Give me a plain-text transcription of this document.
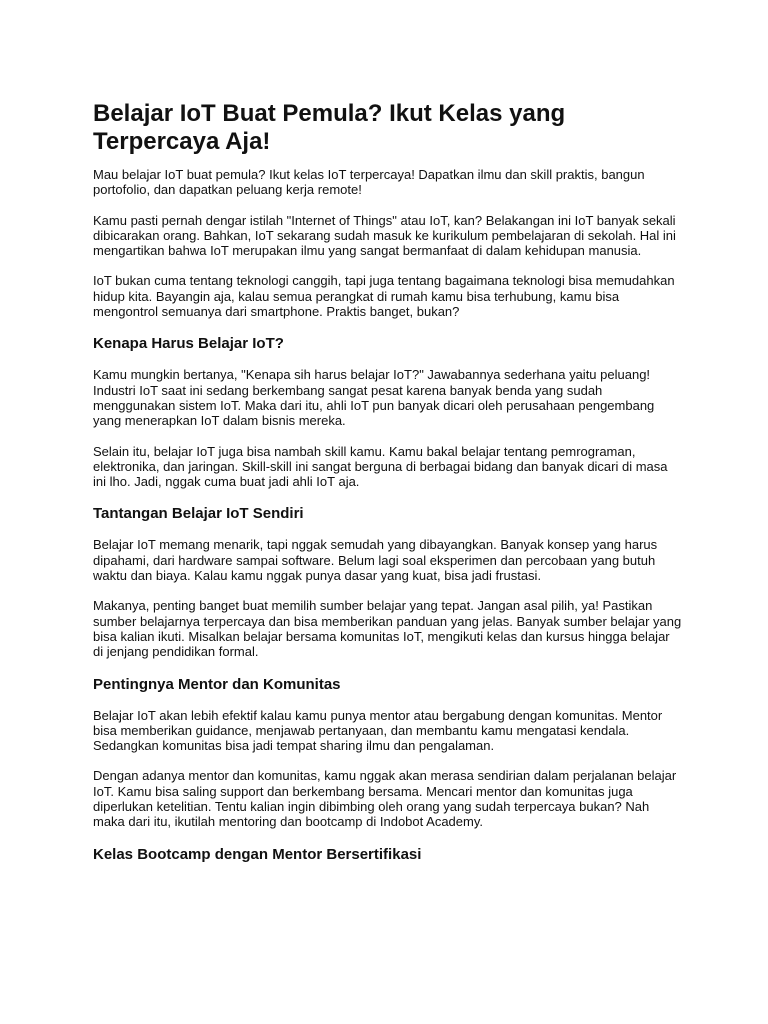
Belajar IoT Buat Pemula? Ikut Kelas yang Terpercaya Aja!

Mau belajar IoT buat pemula? Ikut kelas IoT terpercaya! Dapatkan ilmu dan skill praktis, bangun portofolio, dan dapatkan peluang kerja remote!

Kamu pasti pernah dengar istilah "Internet of Things" atau IoT, kan? Belakangan ini IoT banyak sekali dibicarakan orang. Bahkan, IoT sekarang sudah masuk ke kurikulum pembelajaran di sekolah. Hal ini mengartikan bahwa IoT merupakan ilmu yang sangat bermanfaat di dalam kehidupan manusia.

IoT bukan cuma tentang teknologi canggih, tapi juga tentang bagaimana teknologi bisa memudahkan hidup kita. Bayangin aja, kalau semua perangkat di rumah kamu bisa terhubung, kamu bisa mengontrol semuanya dari smartphone. Praktis banget, bukan?

Kenapa Harus Belajar IoT?

Kamu mungkin bertanya, "Kenapa sih harus belajar IoT?" Jawabannya sederhana yaitu peluang! Industri IoT saat ini sedang berkembang sangat pesat karena banyak benda yang sudah menggunakan sistem IoT. Maka dari itu, ahli IoT pun banyak dicari oleh perusahaan pengembang yang menerapkan IoT dalam bisnis mereka.

Selain itu, belajar IoT juga bisa nambah skill kamu. Kamu bakal belajar tentang pemrograman, elektronika, dan jaringan. Skill-skill ini sangat berguna di berbagai bidang dan banyak dicari di masa ini lho. Jadi, nggak cuma buat jadi ahli IoT aja.

Tantangan Belajar IoT Sendiri

Belajar IoT memang menarik, tapi nggak semudah yang dibayangkan. Banyak konsep yang harus dipahami, dari hardware sampai software. Belum lagi soal eksperimen dan percobaan yang butuh waktu dan biaya. Kalau kamu nggak punya dasar yang kuat, bisa jadi frustasi.

Makanya, penting banget buat memilih sumber belajar yang tepat. Jangan asal pilih, ya! Pastikan sumber belajarnya terpercaya dan bisa memberikan panduan yang jelas. Banyak sumber belajar yang bisa kalian ikuti. Misalkan belajar bersama komunitas IoT, mengikuti kelas dan kursus hingga belajar di jenjang pendidikan formal.

Pentingnya Mentor dan Komunitas

Belajar IoT akan lebih efektif kalau kamu punya mentor atau bergabung dengan komunitas. Mentor bisa memberikan guidance, menjawab pertanyaan, dan membantu kamu mengatasi kendala. Sedangkan komunitas bisa jadi tempat sharing ilmu dan pengalaman.

Dengan adanya mentor dan komunitas, kamu nggak akan merasa sendirian dalam perjalanan belajar IoT. Kamu bisa saling support dan berkembang bersama. Mencari mentor dan komunitas juga diperlukan ketelitian. Tentu kalian ingin dibimbing oleh orang yang sudah terpercaya bukan? Nah maka dari itu, ikutilah mentoring dan bootcamp di Indobot Academy.

Kelas Bootcamp dengan Mentor Bersertifikasi
